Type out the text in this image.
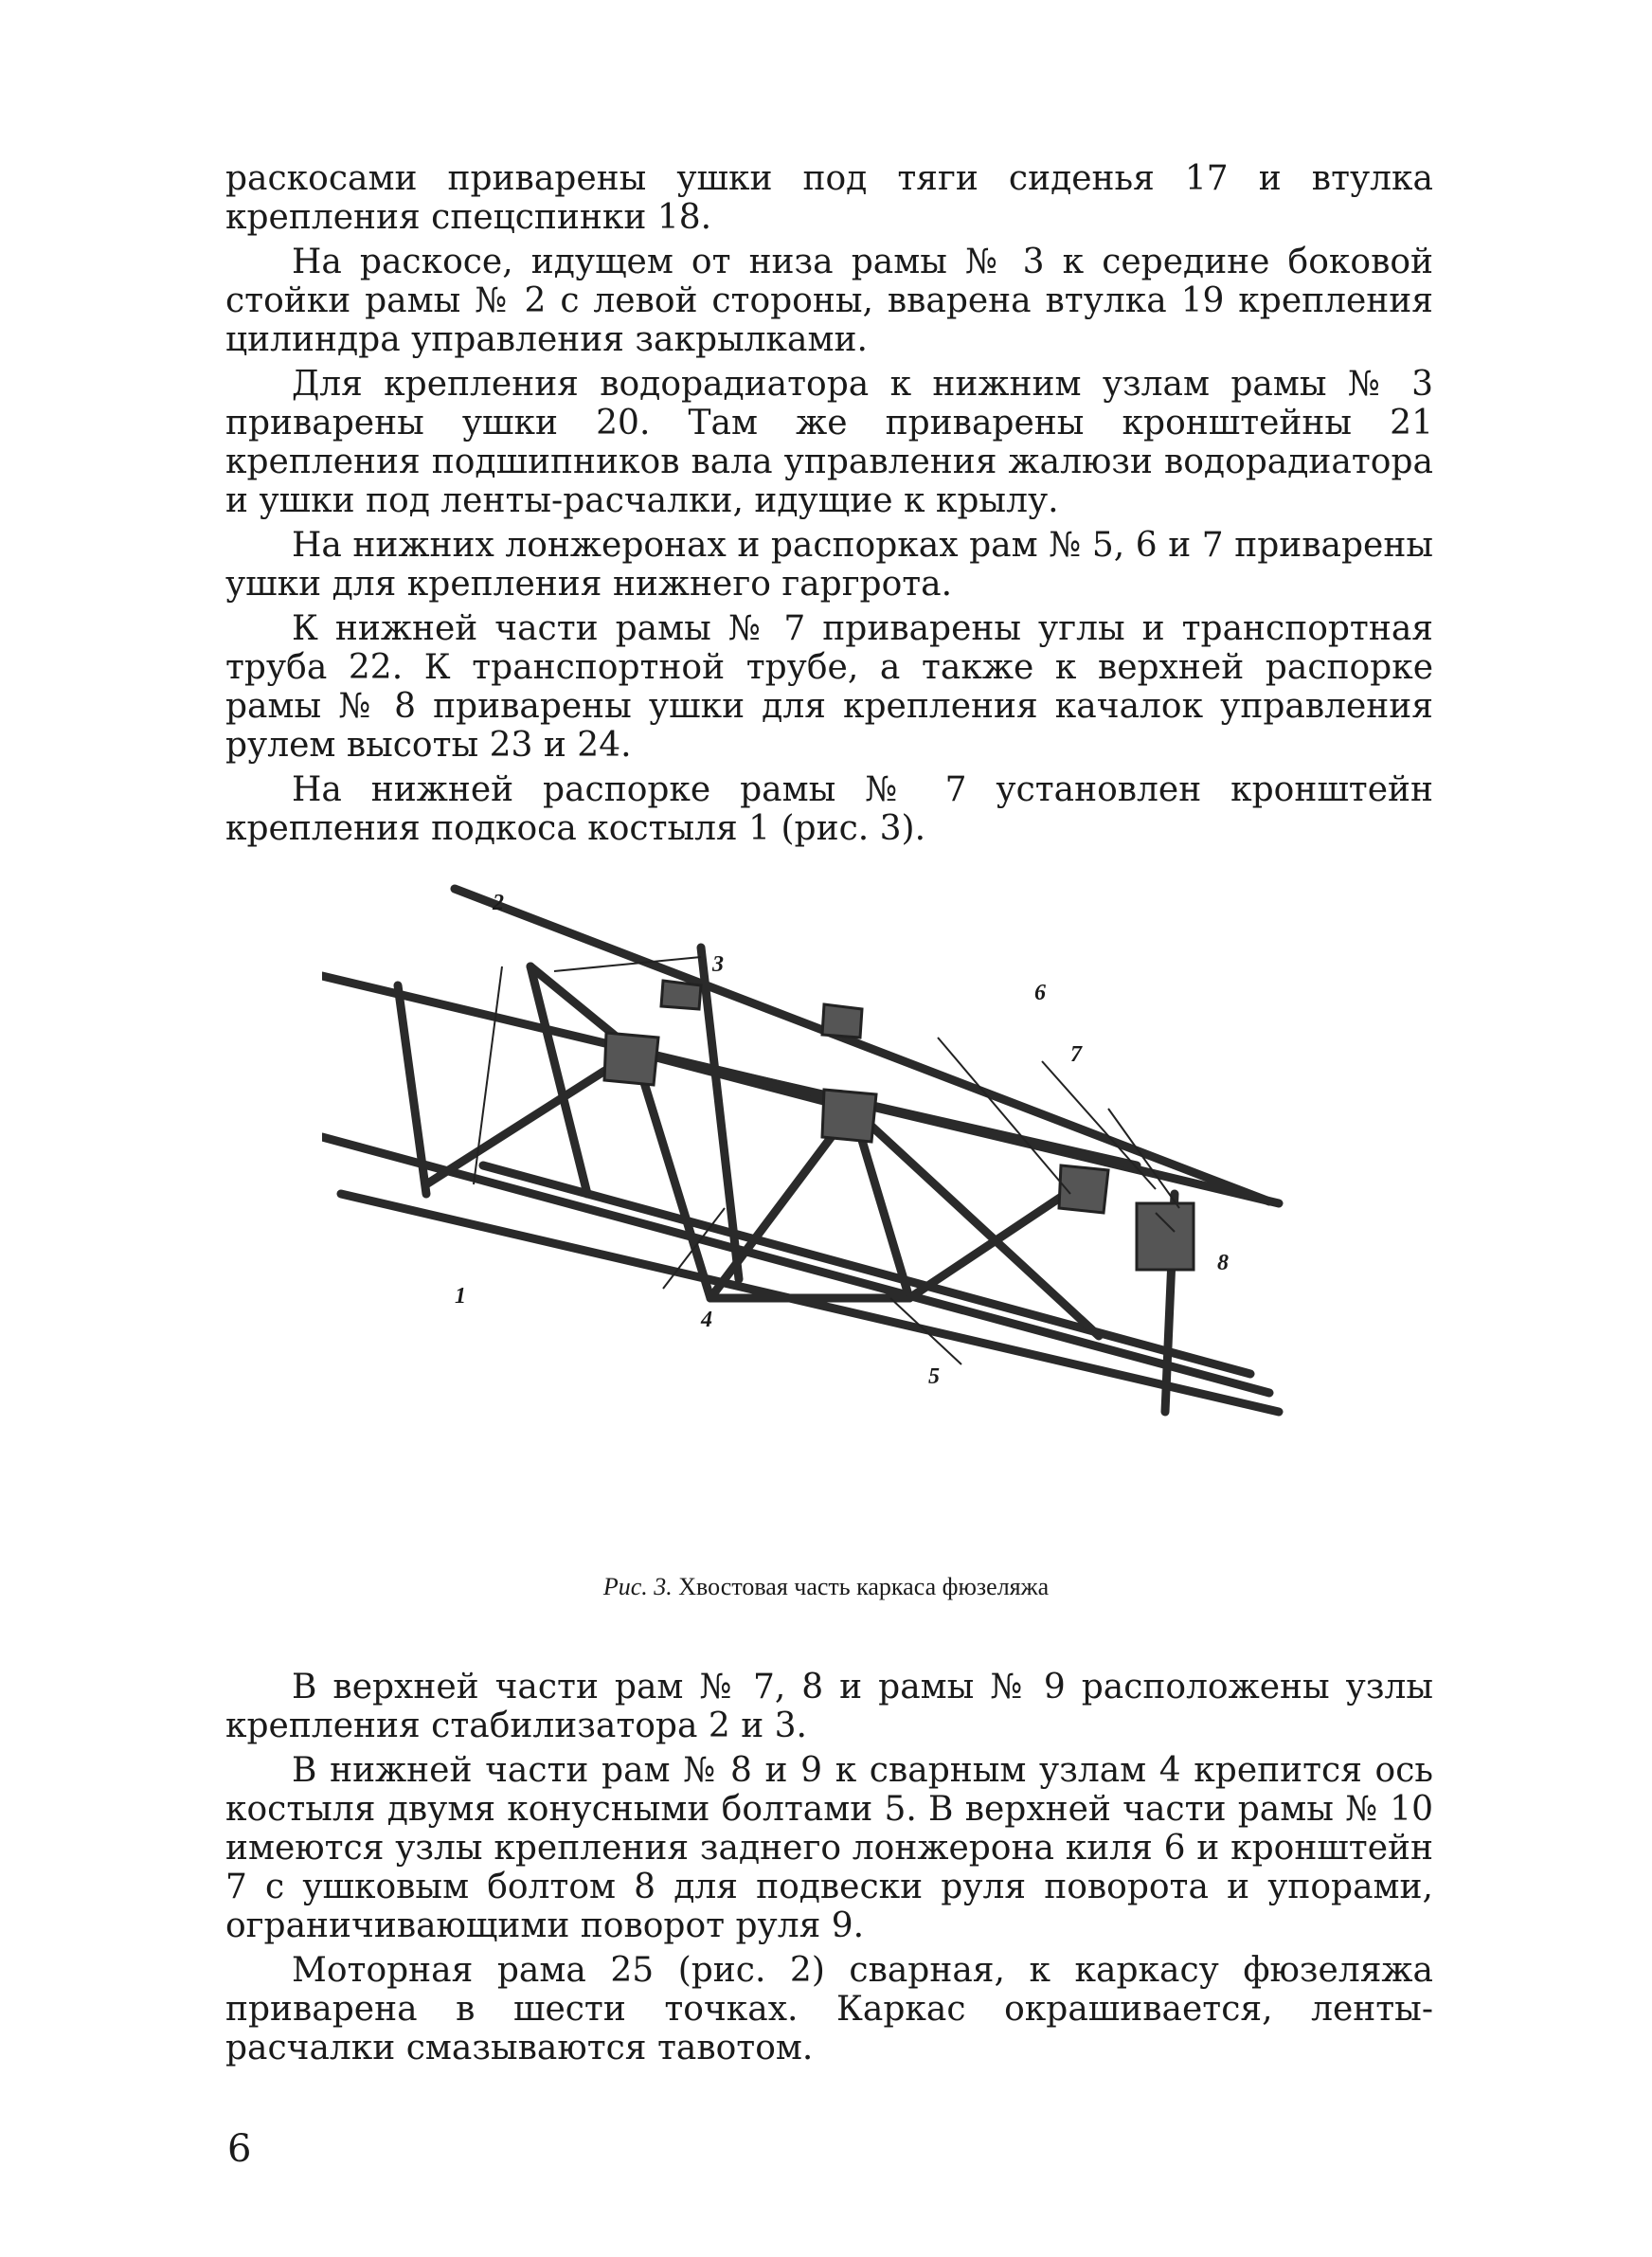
раскосами приварены ушки под тяги сиденья 17 и втулка крепления спецспинки 18.

На раскосе, идущем от низа рамы № 3 к середине боковой стойки рамы № 2 с левой стороны, вварена втулка 19 крепления цилиндра управления закрылками.

Для крепления водорадиатора к нижним узлам рамы № 3 приварены ушки 20. Там же приварены кронштейны 21 крепления подшипников вала управления жалюзи водорадиатора и ушки под ленты-расчалки, идущие к крылу.

На нижних лонжеронах и распорках рам № 5, 6 и 7 приварены ушки для крепления нижнего гаргрота.

К нижней части рамы № 7 приварены углы и транспортная труба 22. К транспортной трубе, а также к верхней распорке рамы № 8 приварены ушки для крепления качалок управления рулем высоты 23 и 24.

На нижней распорке рамы № 7 установлен кронштейн крепления подкоса костыля 1 (рис. 3).

2
3
1
4
5
6
7
8
Рис. 3. Хвостовая часть каркаса фюзеляжа

В верхней части рам № 7, 8 и рамы № 9 расположены узлы крепления стабилизатора 2 и 3.

В нижней части рам № 8 и 9 к сварным узлам 4 крепится ось костыля двумя конусными болтами 5. В верхней части рамы № 10 имеются узлы крепления заднего лонжерона киля 6 и кронштейн 7 с ушковым болтом 8 для подвески руля поворота и упорами, ограничивающими поворот руля 9.

Моторная рама 25 (рис. 2) сварная, к каркасу фюзеляжа приварена в шести точках. Каркас окрашивается, ленты-расчалки смазываются тавотом.

6
